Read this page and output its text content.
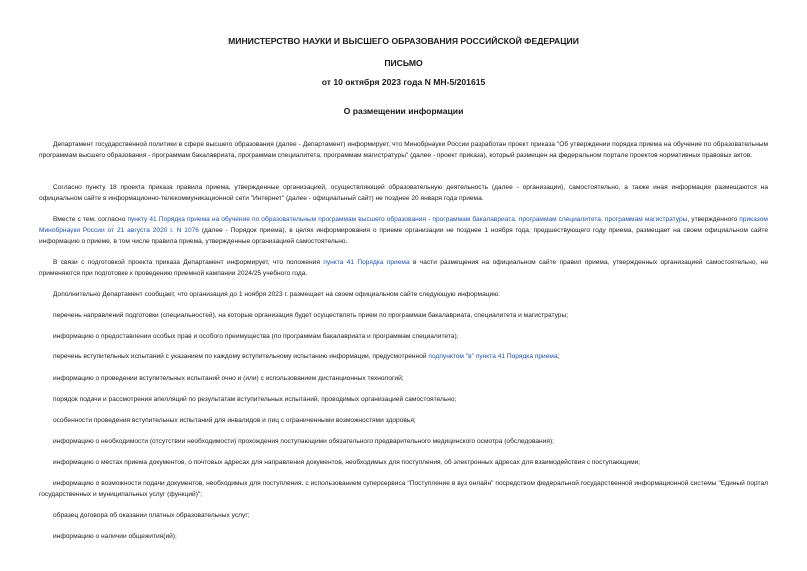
МИНИСТЕРСТВО НАУКИ И ВЫСШЕГО ОБРАЗОВАНИЯ РОССИЙСКОЙ ФЕДЕРАЦИИ
ПИСЬМО
от 10 октября 2023 года N МН-5/201615
О размещении информации

Департамент государственной политики в сфере высшего образования (далее - Департамент) информирует, что Минобрнауки России разработан проект приказа "Об утверждении порядка приема на обучение по образовательным программам высшего образования - программам бакалавриата, программам специалитета, программам магистратуры" (далее - проект приказа), который размещен на федеральном портале проектов нормативных правовых актов.

Согласно пункту 18 проекта приказа правила приема, утвержденные организацией, осуществляющей образовательную деятельность (далее - организации), самостоятельно, а также иная информация размещаются на официальном сайте в информационно-телекоммуникационной сети "Интернет" (далее - официальный сайт) не позднее 20 января года приема.

Вместе с тем, согласно пункту 41 Порядка приема на обучение по образовательным программам высшего образования - программам бакалавриата, программам специалитета, программам магистратуры, утвержденного приказом Минобрнауки России от 21 августа 2020 г. N 1076 (далее - Порядок приема), в целях информирования о приеме организации не позднее 1 ноября года, предшествующего году приема, размещает на своем официальном сайте информацию о приеме, в том числе правила приема, утвержденные организацией самостоятельно.

В связи с подготовкой проекта приказа Департамент информирует, что положения пункта 41 Порядка приема в части размещения на официальном сайте правил приема, утвержденных организацией самостоятельно, не применяются при подготовке к проведению приемной кампании 2024/25 учебного года.

Дополнительно Департамент сообщает, что организация до 1 ноября 2023 г. размещает на своем официальном сайте следующую информацию:

перечень направлений подготовки (специальностей), на которые организация будет осуществлять прием по программам бакалавриата, специалитета и магистратуры;

информацию о предоставлении особых прав и особого преимущества (по программам бакалавриата и программам специалитета);

перечень вступительных испытаний с указанием по каждому вступительному испытанию информации, предусмотренной подпунктом "в" пункта 41 Порядка приема;

информацию о проведении вступительных испытаний очно и (или) с использованием дистанционных технологий;

порядок подачи и рассмотрения апелляций по результатам вступительных испытаний, проводимых организацией самостоятельно;

особенности проведения вступительных испытаний для инвалидов и лиц с ограниченными возможностями здоровья;

информацию о необходимости (отсутствии необходимости) прохождения поступающими обязательного предварительного медицинского осмотра (обследования);

информацию о местах приема документов, о почтовых адресах для направления документов, необходимых для поступления, об электронных адресах для взаимодействия с поступающими;

информацию о возможности подачи документов, необходимых для поступления, с использованием суперсервиса "Поступление в вуз онлайн" посредством федеральной государственной информационной системы "Единый портал государственных и муниципальных услуг (функций)";

образец договора об оказании платных образовательных услуг;

информацию о наличии общежития(ий);
